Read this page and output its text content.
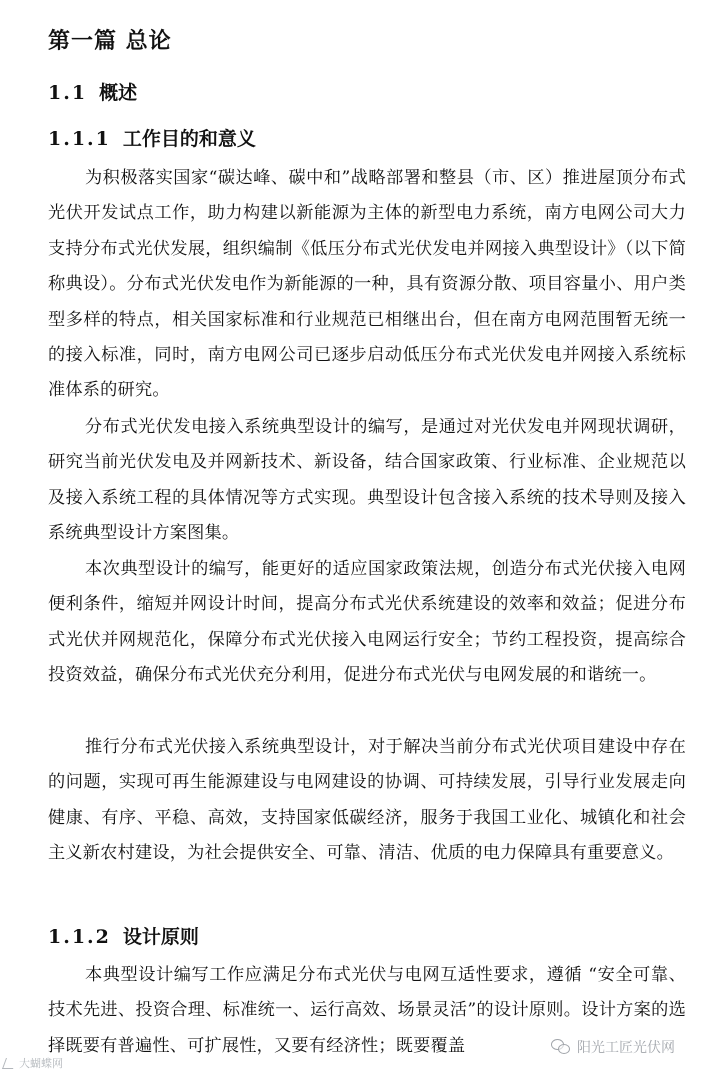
第一篇 总论
1.1 概述
1.1.1 工作目的和意义

为积极落实国家“碳达峰、碳中和”战略部署和整县（市、区）推进屋顶分布式光伏开发试点工作，助力构建以新能源为主体的新型电力系统，南方电网公司大力支持分布式光伏发展，组织编制《低压分布式光伏发电并网接入典型设计》（以下简称典设）。分布式光伏发电作为新能源的一种，具有资源分散、项目容量小、用户类型多样的特点，相关国家标准和行业规范已相继出台，但在南方电网范围暂无统一的接入标准，同时，南方电网公司已逐步启动低压分布式光伏发电并网接入系统标准体系的研究。

分布式光伏发电接入系统典型设计的编写，是通过对光伏发电并网现状调研，研究当前光伏发电及并网新技术、新设备，结合国家政策、行业标准、企业规范以及接入系统工程的具体情况等方式实现。典型设计包含接入系统的技术导则及接入系统典型设计方案图集。

本次典型设计的编写，能更好的适应国家政策法规，创造分布式光伏接入电网便利条件，缩短并网设计时间，提高分布式光伏系统建设的效率和效益；促进分布式光伏并网规范化，保障分布式光伏接入电网运行安全；节约工程投资，提高综合投资效益，确保分布式光伏充分利用，促进分布式光伏与电网发展的和谐统一。

推行分布式光伏接入系统典型设计，对于解决当前分布式光伏项目建设中存在的问题，实现可再生能源建设与电网建设的协调、可持续发展，引导行业发展走向健康、有序、平稳、高效，支持国家低碳经济，服务于我国工业化、城镇化和社会主义新农村建设，为社会提供安全、可靠、清洁、优质的电力保障具有重要意义。

1.1.2 设计原则

本典型设计编写工作应满足分布式光伏与电网互适性要求，遵循 “安全可靠、技术先进、投资合理、标准统一、运行高效、场景灵活”的设计原则。设计方案的选择既要有普遍性、可扩展性，又要有经济性；既要覆盖

大蝴蝶网
阳光工匠光伏网
